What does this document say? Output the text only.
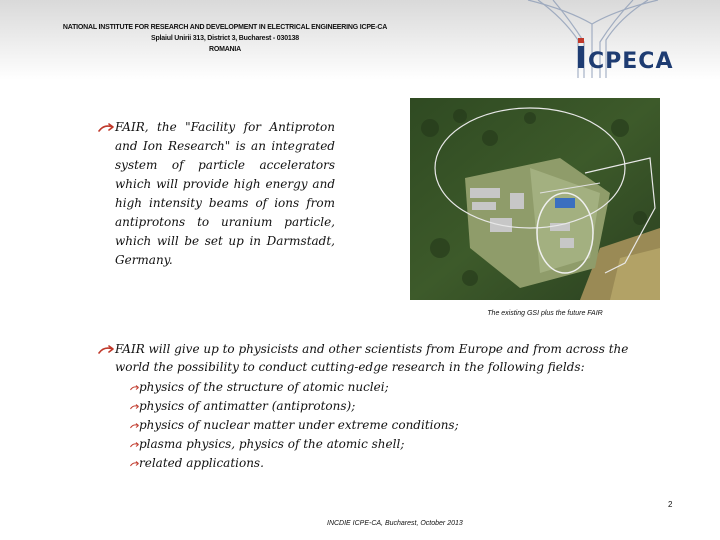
NATIONAL INSTITUTE FOR RESEARCH AND DEVELOPMENT IN ELECTRICAL ENGINEERING ICPE-CA
Splaiul Unirii 313, District 3, Bucharest - 030138
ROMANIA	CPECA
FAIR, the "Facility for Antiproton and Ion Research" is an integrated system of particle accelerators which will provide high energy and high intensity beams of ions from antiprotons to uranium particle, which will be set up in Darmstadt, Germany.
The existing GSI plus the future FAIR
FAIR will give up to physicists and other scientists from Europe and from across the world the possibility to conduct cutting-edge research in the following fields:
physics of the structure of atomic nuclei;
physics of antimatter (antiprotons);
physics of nuclear matter under extreme conditions;
plasma physics, physics of the atomic shell;
related applications.
2
INCDIE ICPE-CA, Bucharest, October 2013
